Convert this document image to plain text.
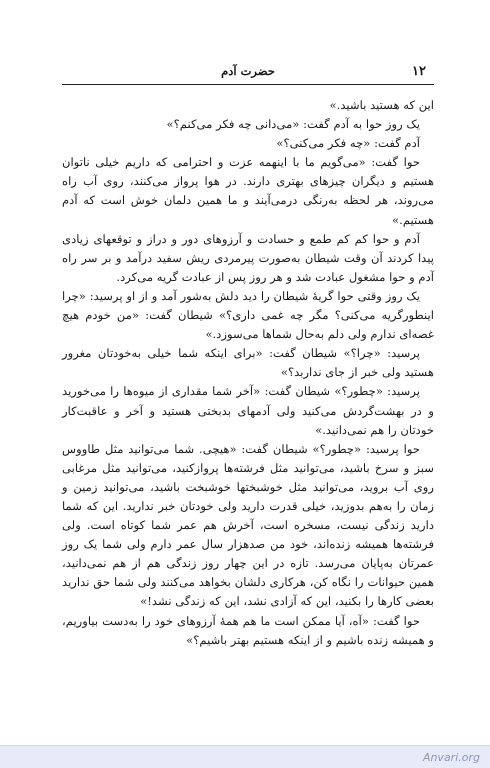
۱۲
حضرت آدم

این که هستید باشید.»

یک روز حوا به آدم گفت: «می‌دانی چه فکر می‌کنم؟»

آدم گفت: «چه فکر می‌کنی؟»

حوا گفت: «می‌گویم ما با اینهمه عزت و احترامی که داریم خیلی ناتوان هستیم و دیگران چیزهای بهتری دارند. در هوا پرواز می‌کنند، روی آب راه می‌روند، هر لحظه به‌رنگی درمی‌آیند و ما همین دلمان خوش است که آدم هستیم.»

آدم و حوا کم کم طمع و حسادت و آرزوهای دور و دراز و توقعهای زیادی پیدا کردند آن وقت شیطان به‌صورت پیرمردی ریش سفید درآمد و بر سر راه آدم و حوا مشغول عبادت شد و هر روز پس از عبادت گریه می‌کرد.

یک روز وقتی حوا گریهٔ شیطان را دید دلش به‌شور آمد و از او پرسید: «چرا اینطورگریه می‌کنی؟ مگر چه غمی داری؟» شیطان گفت: «من خودم هیچ غصه‌ای ندارم ولی دلم به‌حال شماها می‌سوزد.»

پرسید: «چرا؟» شیطان گفت: «برای اینکه شما خیلی به‌خودتان مغرور هستید ولی خبر از جای نداربد؟»

پرسید: «چطور؟» شیطان گفت: «آخر شما مقداری از میوه‌ها را می‌خورید و در بهشت‌گردش می‌کنید ولی آدمهای بدبختی هستید و آخر و عاقبت‌کار خودتان را هم نمی‌دانید.»

حوا پرسید: «چطور؟» شیطان گفت: «هیچی. شما می‌توانید مثل طاووس سبز و سرخ باشید، می‌توانید مثل فرشته‌ها پروازکنید، می‌توانید مثل مرغابی روی آب بروید، می‌توانید مثل خوشبختها خوشبخت باشید، می‌توانید زمین و زمان را به‌هم بدوزید، خیلی قدرت دارید ولی خودتان خبر ندارید. این که شما دارید زندگی نیست، مسخره است، آخرش هم عمر شما کوتاه است. ولی فرشته‌ها همیشه زنده‌اند، خود من صدهزار سال عمر دارم ولی شما یک روز عمرتان به‌پایان می‌رسد. تازه در این چهار روز زندگی هم از هم نمی‌دانید، همین حیوانات را نگاه کن، هرکاری دلشان بخواهد می‌کنند ولی شما حق ندارید بعضی کارها را بکنید، این که آزادی نشد، این که زندگی نشد!»

حوا گفت: «آه، آیا ممکن است ما هم همهٔ آرزوهای خود را به‌دست بیاوریم، و همیشه زنده باشیم و از اینکه هستیم بهتر باشیم؟»

Anvari.org
